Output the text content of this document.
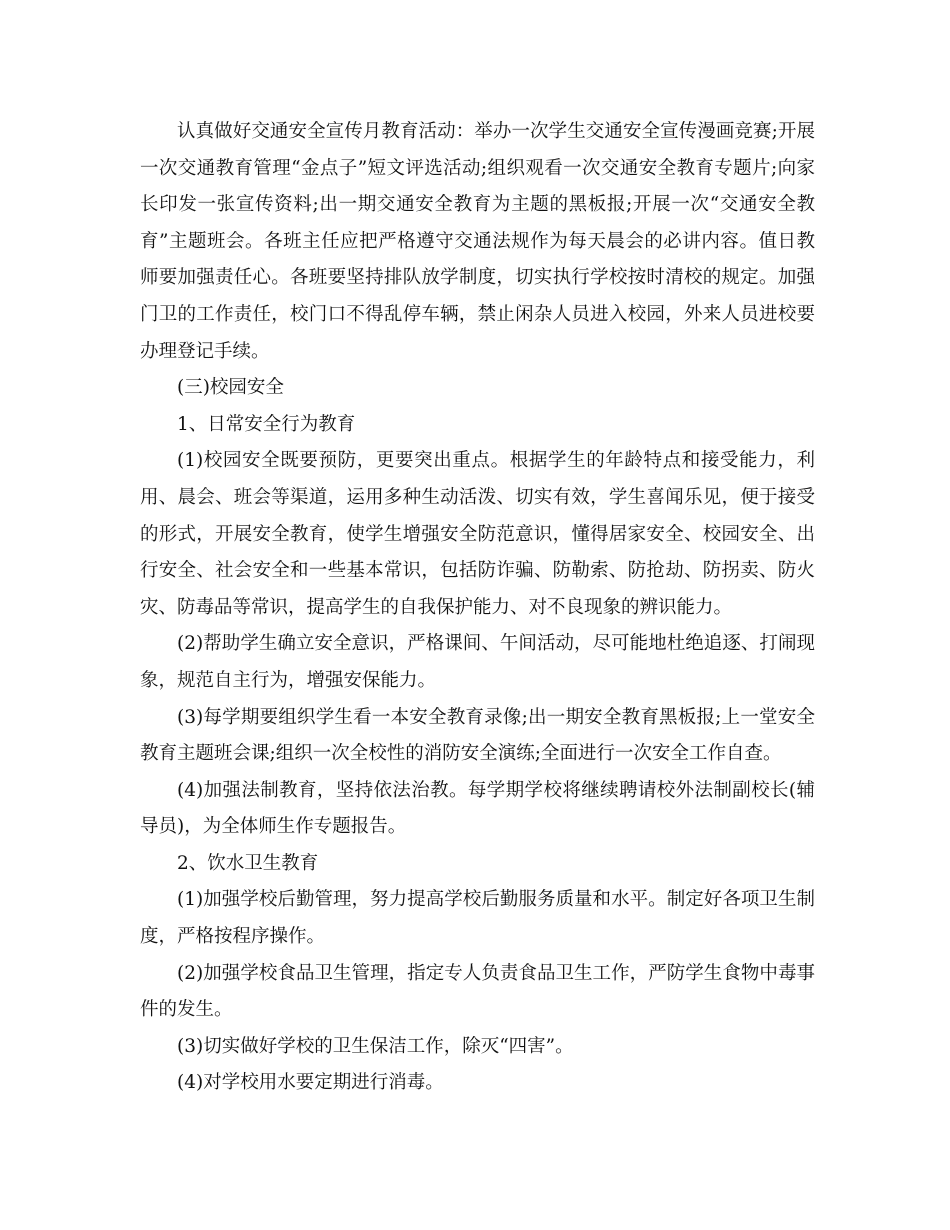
认真做好交通安全宣传月教育活动：举办一次学生交通安全宣传漫画竞赛;开展一次交通教育管理“金点子”短文评选活动;组织观看一次交通安全教育专题片;向家长印发一张宣传资料;出一期交通安全教育为主题的黑板报;开展一次“交通安全教育”主题班会。各班主任应把严格遵守交通法规作为每天晨会的必讲内容。值日教师要加强责任心。各班要坚持排队放学制度，切实执行学校按时清校的规定。加强门卫的工作责任，校门口不得乱停车辆，禁止闲杂人员进入校园，外来人员进校要办理登记手续。

(三)校园安全

1、日常安全行为教育

(1)校园安全既要预防，更要突出重点。根据学生的年龄特点和接受能力，利用、晨会、班会等渠道，运用多种生动活泼、切实有效，学生喜闻乐见，便于接受的形式，开展安全教育，使学生增强安全防范意识，懂得居家安全、校园安全、出行安全、社会安全和一些基本常识，包括防诈骗、防勒索、防抢劫、防拐卖、防火灾、防毒品等常识，提高学生的自我保护能力、对不良现象的辨识能力。

(2)帮助学生确立安全意识，严格课间、午间活动，尽可能地杜绝追逐、打闹现象，规范自主行为，增强安保能力。

(3)每学期要组织学生看一本安全教育录像;出一期安全教育黑板报;上一堂安全教育主题班会课;组织一次全校性的消防安全演练;全面进行一次安全工作自查。

(4)加强法制教育，坚持依法治教。每学期学校将继续聘请校外法制副校长(辅导员)，为全体师生作专题报告。

2、饮水卫生教育

(1)加强学校后勤管理，努力提高学校后勤服务质量和水平。制定好各项卫生制度，严格按程序操作。

(2)加强学校食品卫生管理，指定专人负责食品卫生工作，严防学生食物中毒事件的发生。

(3)切实做好学校的卫生保洁工作，除灭“四害”。

(4)对学校用水要定期进行消毒。
